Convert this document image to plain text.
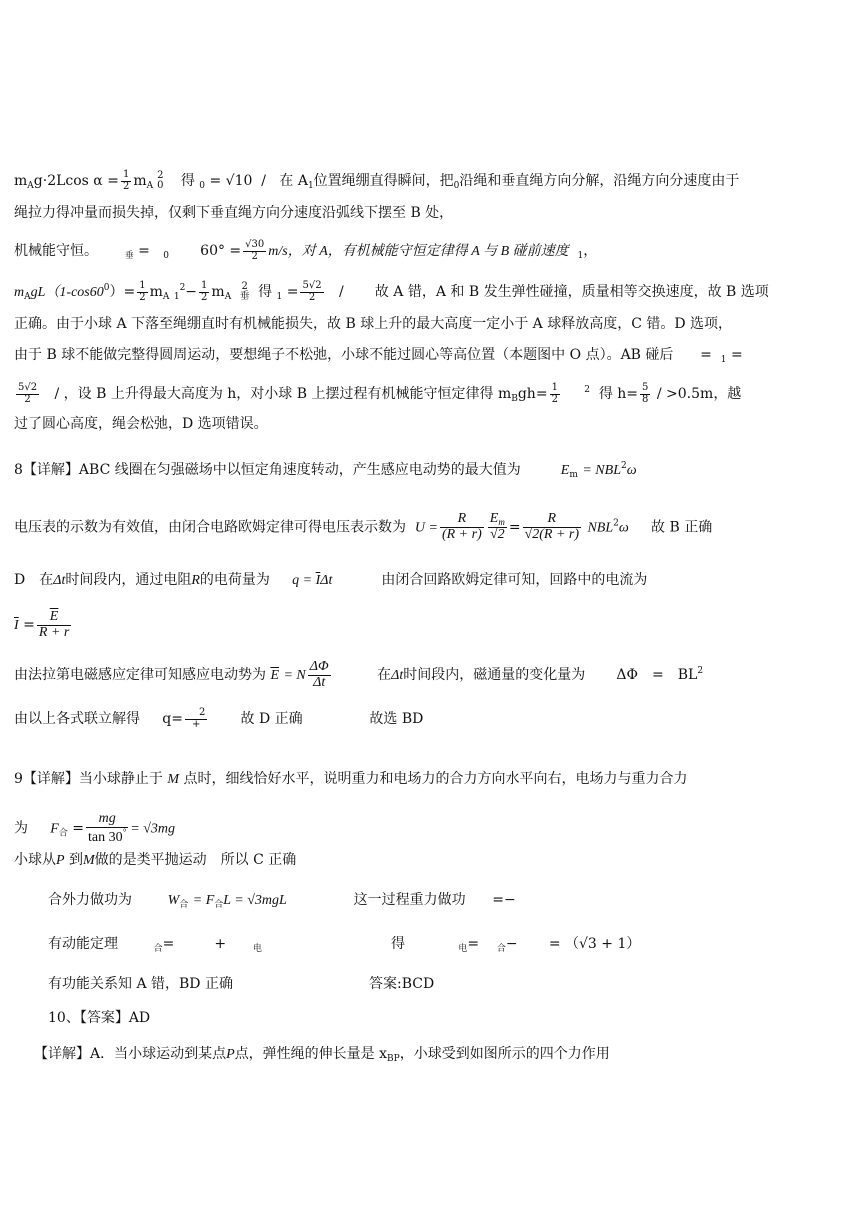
$m_Ag\cdot 2Lcos$ $\alpha = \frac{1}{2} m_A$
2
0 得 $_0$ = √10 / 在 $A_1$位置绳绷直得瞬间，把$_0$沿绳和垂直绳方向分解，沿绳方向分速度由于
绳拉力得冲量而损失掉，仅剩下垂直绳方向分速度沿弧线下摆至 B 处，
机械能守恒。	$_垂$ = $_0$ $60^\circ = \frac{√30}{2} m/s$，对 A，有机械能守恒定律得 A 与 B 碰前速度 $_1$，
$m_AgL(1-\cos 60^0)= \frac{1}{2} m_A$ $_1^2- \frac{1}{2} m_A$
2
垂 得 $_1 = \frac{5√2}{2}$ / 故 A 错，A 和 B 发生弹性碰撞，质量相等交换速度，故 B 选项
正确。由于小球 A 下落至绳绷直时有机械能损失，故 B 球上升的最大高度一定小于 A 球释放高度，C 错。D 选项，
由于 B 球不能做完整得圆周运动，要想绳子不松弛，小球不能过圆心等高位置（本题图中 O 点）。AB 碰后 = $_1$ =
$\frac{5√2}{2}$ / ，设 B 上升得最大高度为 h，对小球 B 上摆过程有机械能守恒定律得 $m_Bgh= \frac{1}{2}$	$^2$ 得 $h= \frac{5}{8} / >0.5m$，越
过了圆心高度，绳会松弛，D 选项错误。
8【详解】ABC 线圈在匀强磁场中以恒定角速度转动，产生感应电动势的最大值为	$E_m = NBL^2\omega$
电压表的示数为有效值，由闭合电路欧姆定律可得电压表示数为 $U = \frac{R}{(R + r)} \frac{E_m}{√2} = \frac{R}{√2(R + r)} NBL^2\omega$ 故 B 正确
D　在Δt时间段内，通过电阻R的电荷量为 $q = \overline{I}\Delta t$	由闭合回路欧姆定律可知，回路中的电流为
$\overline{I} = \frac{\overline{E}}{R + r}$
由法拉第电磁感应定律可知感应电动势为 $\overline{E} = N \frac{\Delta\Phi}{\Delta t}$	在Δt时间段内，磁通量的变化量为 ΔΦ　=　$BL^2$
由以上各式联立解得 $q= \frac{2}{+}$ 故 D 正确	故选 BD
9【详解】当小球静止于 M 点时，细线恰好水平，说明重力和电场力的合力方向水平向右，电场力与重力合力
为 $F_合 = \frac{mg}{\tan 30^\circ} = √3mg$
小球从P 到M做的是类平抛运动　所以 C 正确
合外力做功为	$W_合 = F_合L = √3mgL$	这一过程重力做功 =−
有动能定理	$_合$=	+	$_电$	得	$_电$= $_合$− = （√3 + 1）
有功能关系知 A 错，BD 正确	答案:BCD
10、【答案】AD
【详解】A．当小球运动到某点P点，弹性绳的伸长量是 $x_{BP}$，小球受到如图所示的四个力作用
